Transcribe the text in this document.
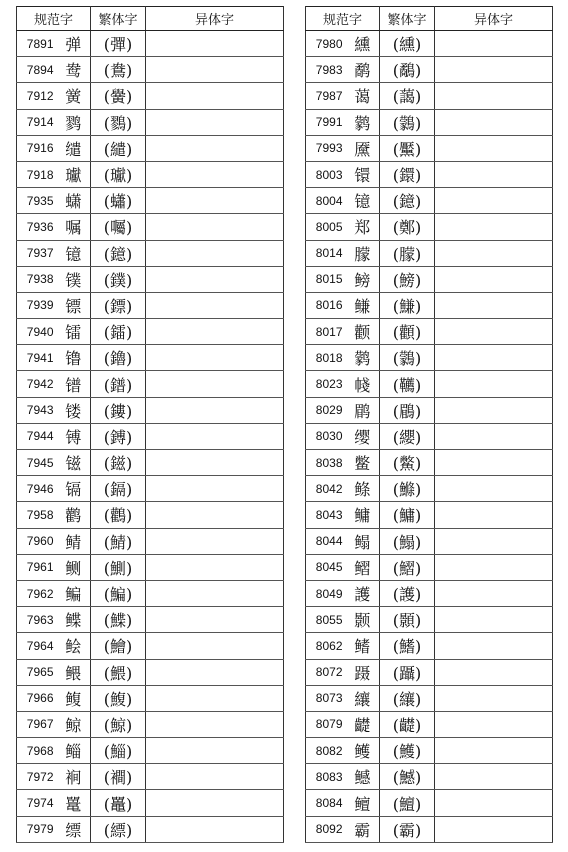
规范字		繁体字	异体字
7891	弹	(彈)	
7894	鸯	(鴦)	
7912	黉	(黌)	
7914	鹨	(鷚)	
7916	缱	(繾)	
7918	瓛	(瓛)	
7935	蟏	(蠨)	
7936	嘱	(囑)	
7937	镱	(鐿)	
7938	镤	(鏷)	
7939	镖	(鏢)	
7940	镭	(鐳)	
7941	镥	(鑥)	
7942	镨	(鐠)	
7943	镂	(鏤)	
7944	镈	(鎛)	
7945	镃	(鎡)	
7946	镉	(鎘)	
7958	鹳	(鸛)	
7960	鲭	(鯖)	
7961	鲗	(鰂)	
7962	鳊	(鯿)	
7963	鲽	(鰈)	
7964	鲙	(鱠)	
7965	鳂	(鰃)	
7966	鳆	(鰒)	
7967	鲸	(鯨)	
7968	鲻	(鯔)	
7972	裥	(襇)	
7974	鼍	(鼉)	
7979	缥	(縹)	
规范字		繁体字	异体字
7980	纁	(纁)	
7983	鹬	(鷸)	
7987	蔼	(藹)	
7991	鹲	(鸏)	
7993	黡	(黶)	
8003	镮	(鐶)	
8004	镱	(鐿)	
8005	郑	(鄭)	
8014	朦	(朦)	
8015	鳑	(鰟)	
8016	鳒	(鰜)	
8017	颧	(顴)	
8018	鹲	(鸏)	
8023	帴	(韉)	
8029	鹛	(鶥)	
8030	缨	(纓)	
8038	鳖	(鱉)	
8042	鲦	(鰷)	
8043	鳙	(鱅)	
8044	鳎	(鰨)	
8045	鳛	(鰼)	
8049	護	(護)	
8055	颢	(顥)	
8062	鳍	(鰭)	
8072	蹑	(躡)	
8073	纕	(纕)	
8079	齼	(齼)	
8082	鳠	(鱯)	
8083	鳡	(鱤)	
8084	鳣	(鱣)	
8092	霸	(霸)	
